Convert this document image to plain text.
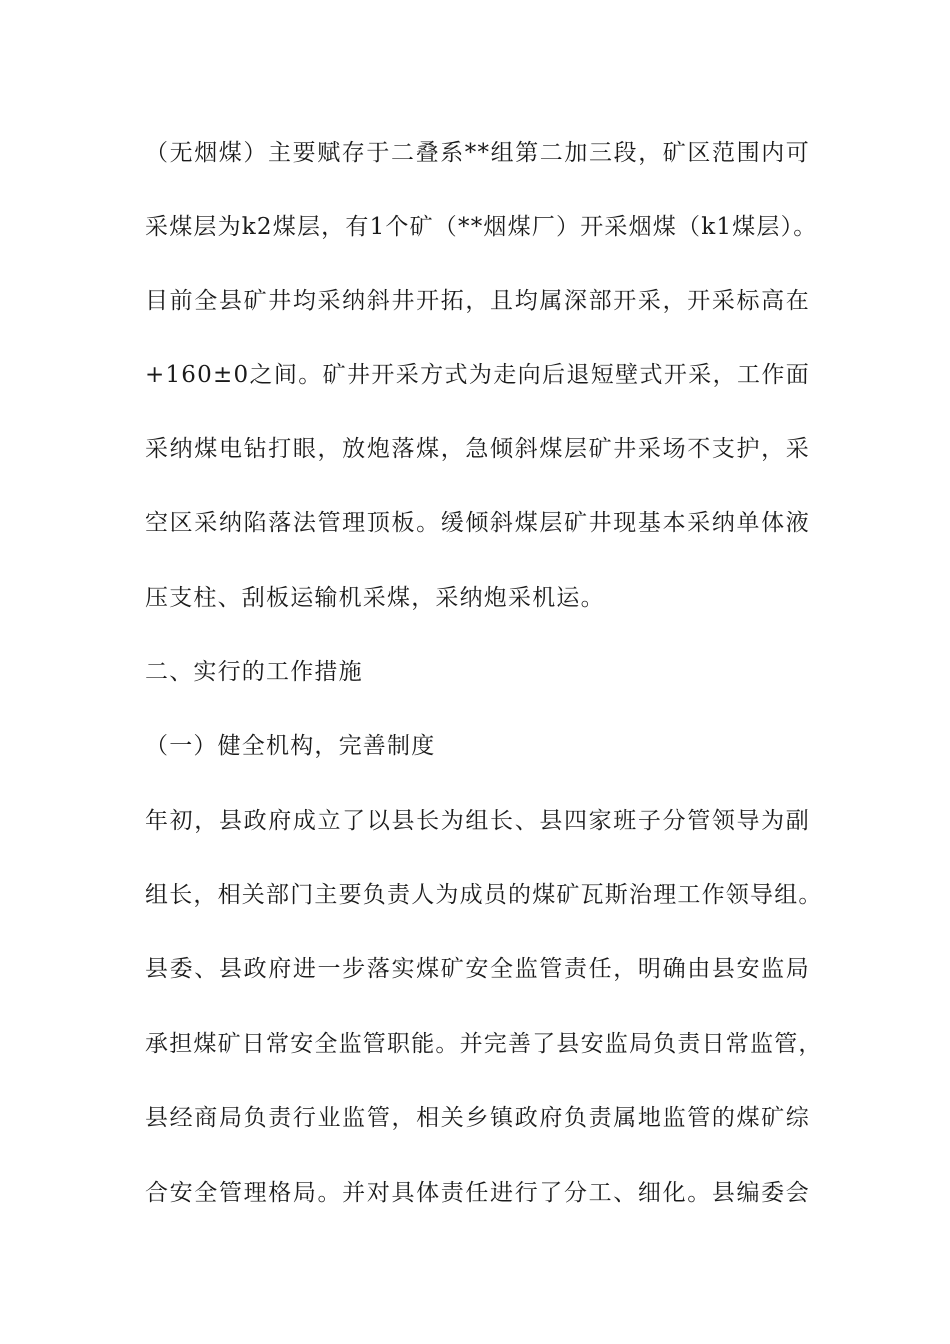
（无烟煤）主要赋存于二叠系**组第二加三段，矿区范围内可
采煤层为k2煤层，有1个矿（**烟煤厂）开采烟煤（k1煤层）。
目前全县矿井均采纳斜井开拓，且均属深部开采，开采标高在
+160±0之间。矿井开采方式为走向后退短壁式开采，工作面
采纳煤电钻打眼，放炮落煤，急倾斜煤层矿井采场不支护，采
空区采纳陷落法管理顶板。缓倾斜煤层矿井现基本采纳单体液
压支柱、刮板运输机采煤，采纳炮采机运。
二、实行的工作措施
（一）健全机构，完善制度
年初，县政府成立了以县长为组长、县四家班子分管领导为副
组长，相关部门主要负责人为成员的煤矿瓦斯治理工作领导组。
县委、县政府进一步落实煤矿安全监管责任，明确由县安监局
承担煤矿日常安全监管职能。并完善了县安监局负责日常监管，
县经商局负责行业监管，相关乡镇政府负责属地监管的煤矿综
合安全管理格局。并对具体责任进行了分工、细化。县编委会
